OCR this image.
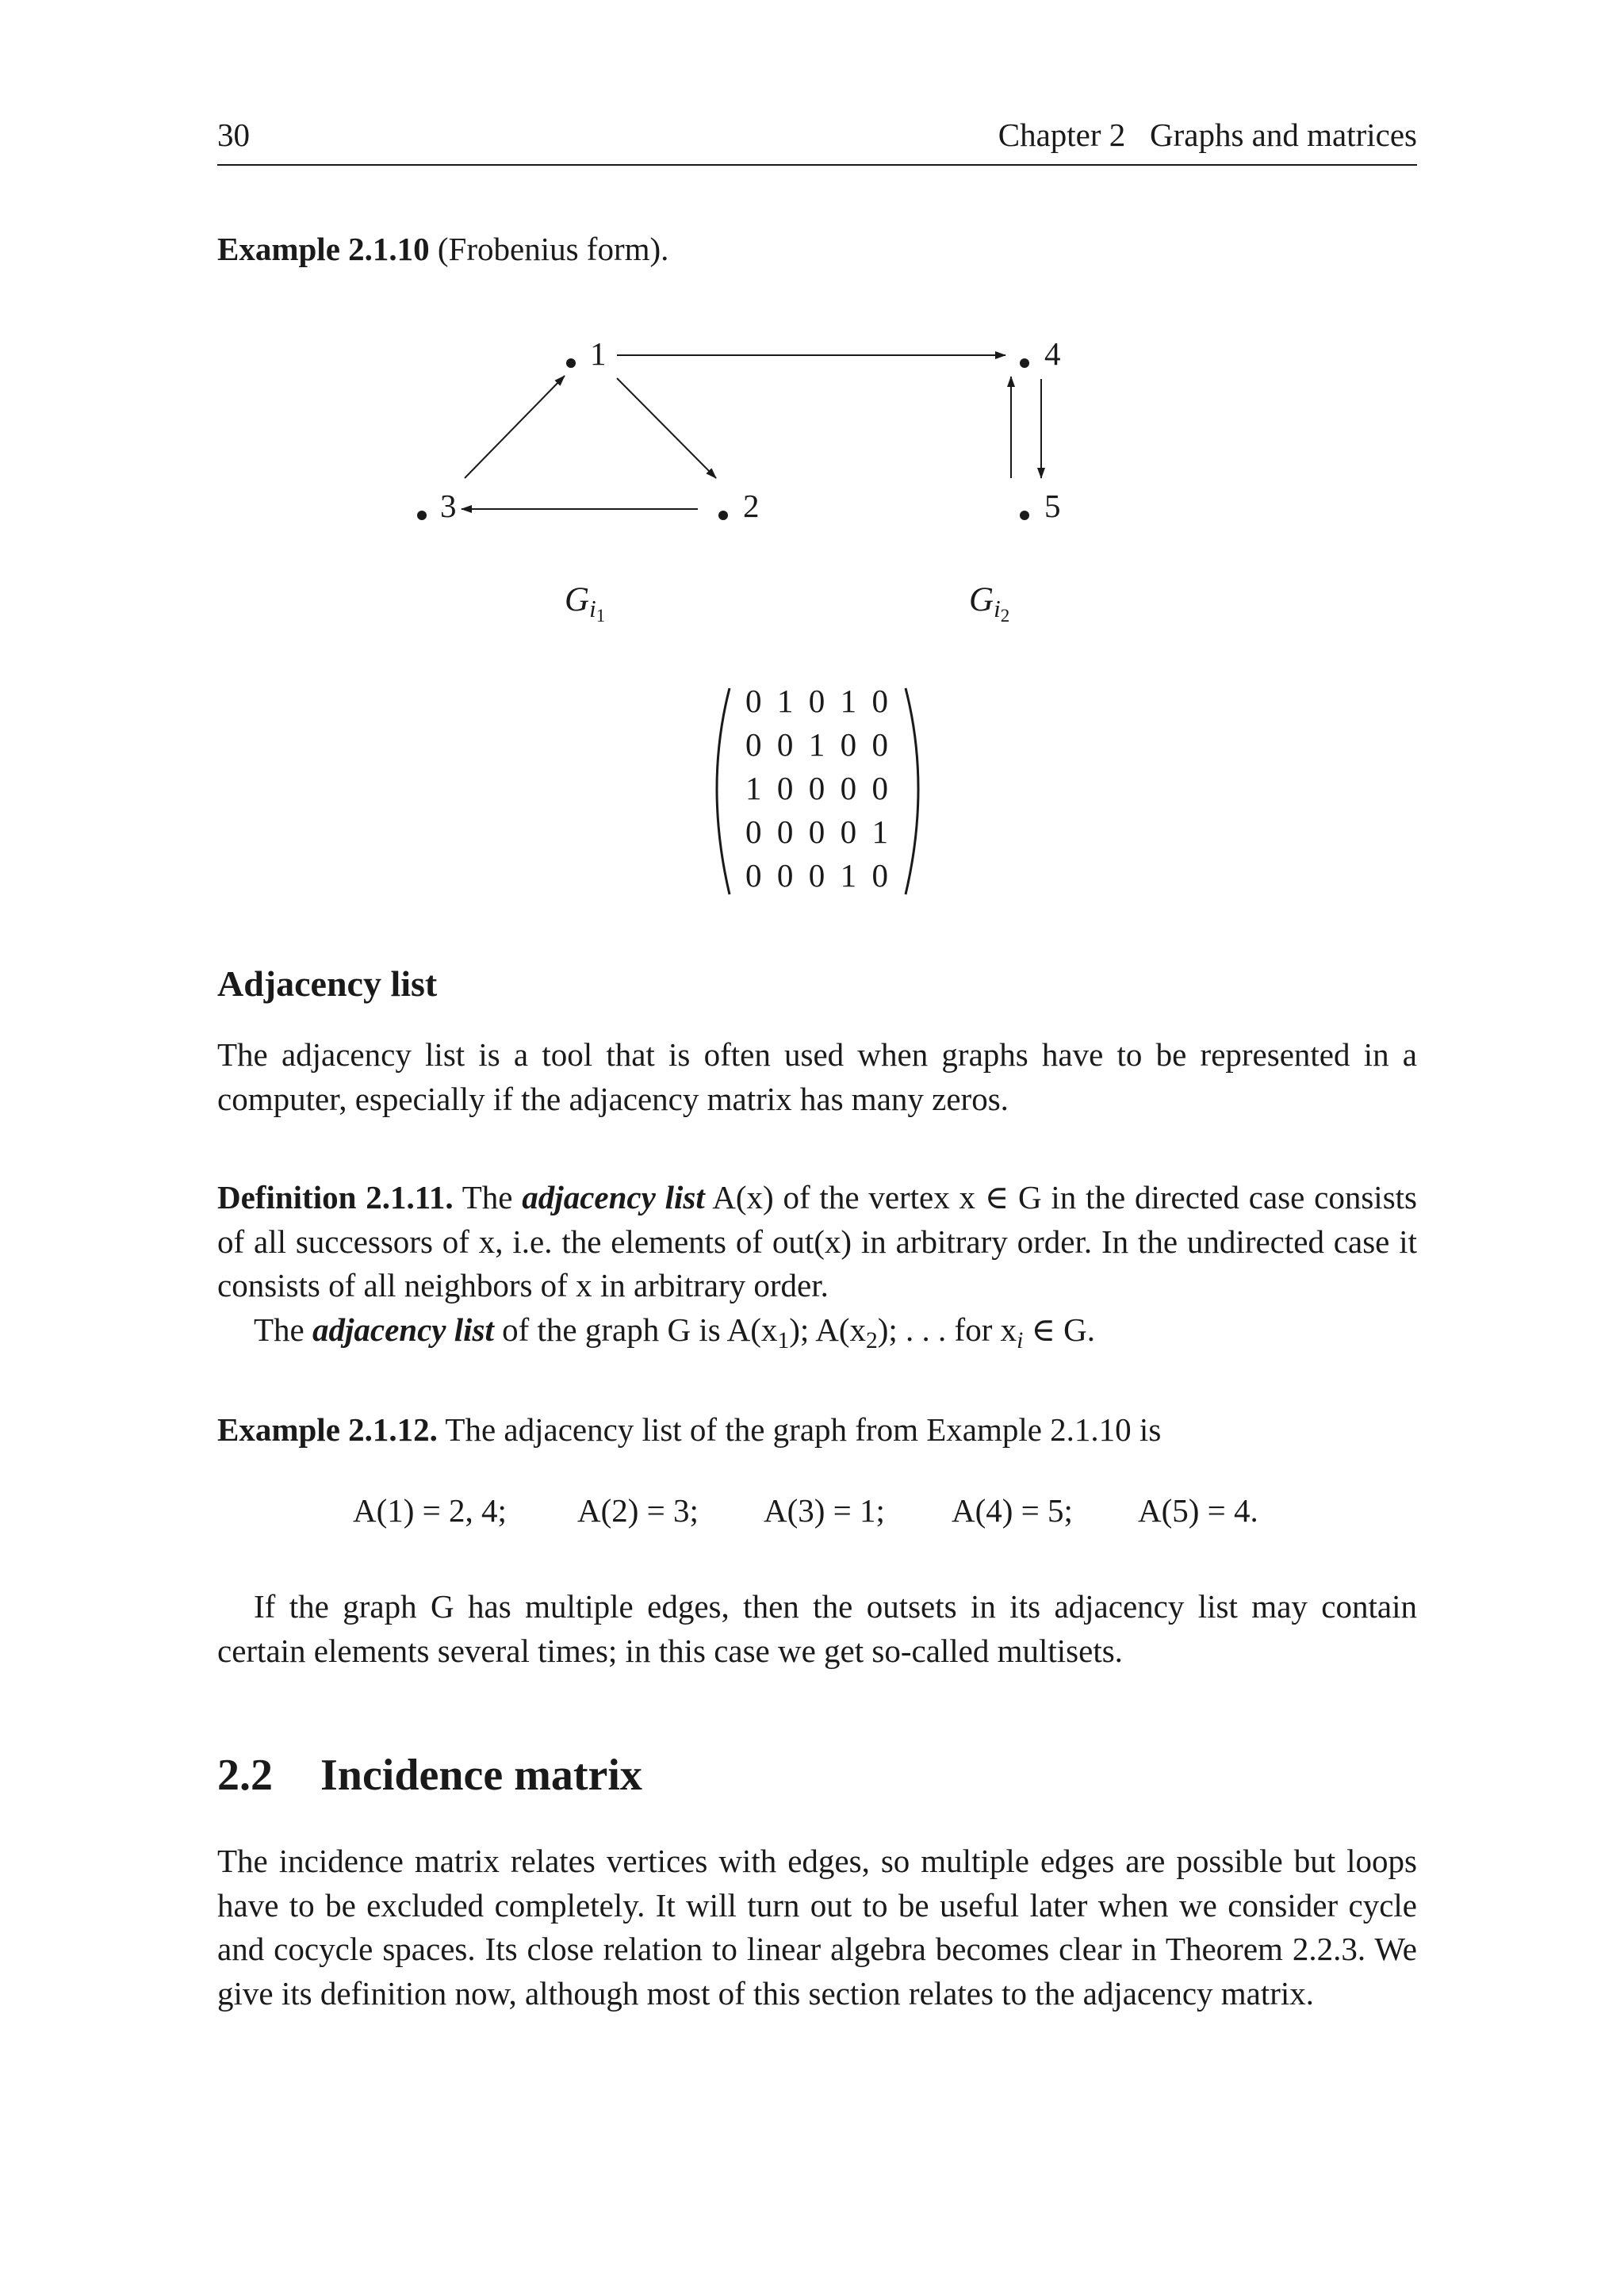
30	Chapter 2   Graphs and matrices
Example 2.1.10 (Frobenius form).
1
2
3
4
5
Gi1	Gi2
0 1 0 1 0
0 0 1 0 0
1 0 0 0 0
0 0 0 0 1
0 0 0 1 0
Adjacency list
The adjacency list is a tool that is often used when graphs have to be represented in a computer, especially if the adjacency matrix has many zeros.
Definition 2.1.11. The adjacency list A(x) of the vertex x ∈ G in the directed case consists of all successors of x, i.e. the elements of out(x) in arbitrary order. In the undirected case it consists of all neighbors of x in arbitrary order.
The adjacency list of the graph G is $A(x_1)$; $A(x_2)$; . . . for $x_i$ ∈ G.
Example 2.1.12. The adjacency list of the graph from Example 2.1.10 is
A(1) = 2, 4; A(2) = 3; A(3) = 1; A(4) = 5; A(5) = 4.
If the graph G has multiple edges, then the outsets in its adjacency list may contain certain elements several times; in this case we get so-called multisets.
2.2 Incidence matrix
The incidence matrix relates vertices with edges, so multiple edges are possible but loops have to be excluded completely. It will turn out to be useful later when we consider cycle and cocycle spaces. Its close relation to linear algebra becomes clear in Theorem 2.2.3. We give its definition now, although most of this section relates to the adjacency matrix.
